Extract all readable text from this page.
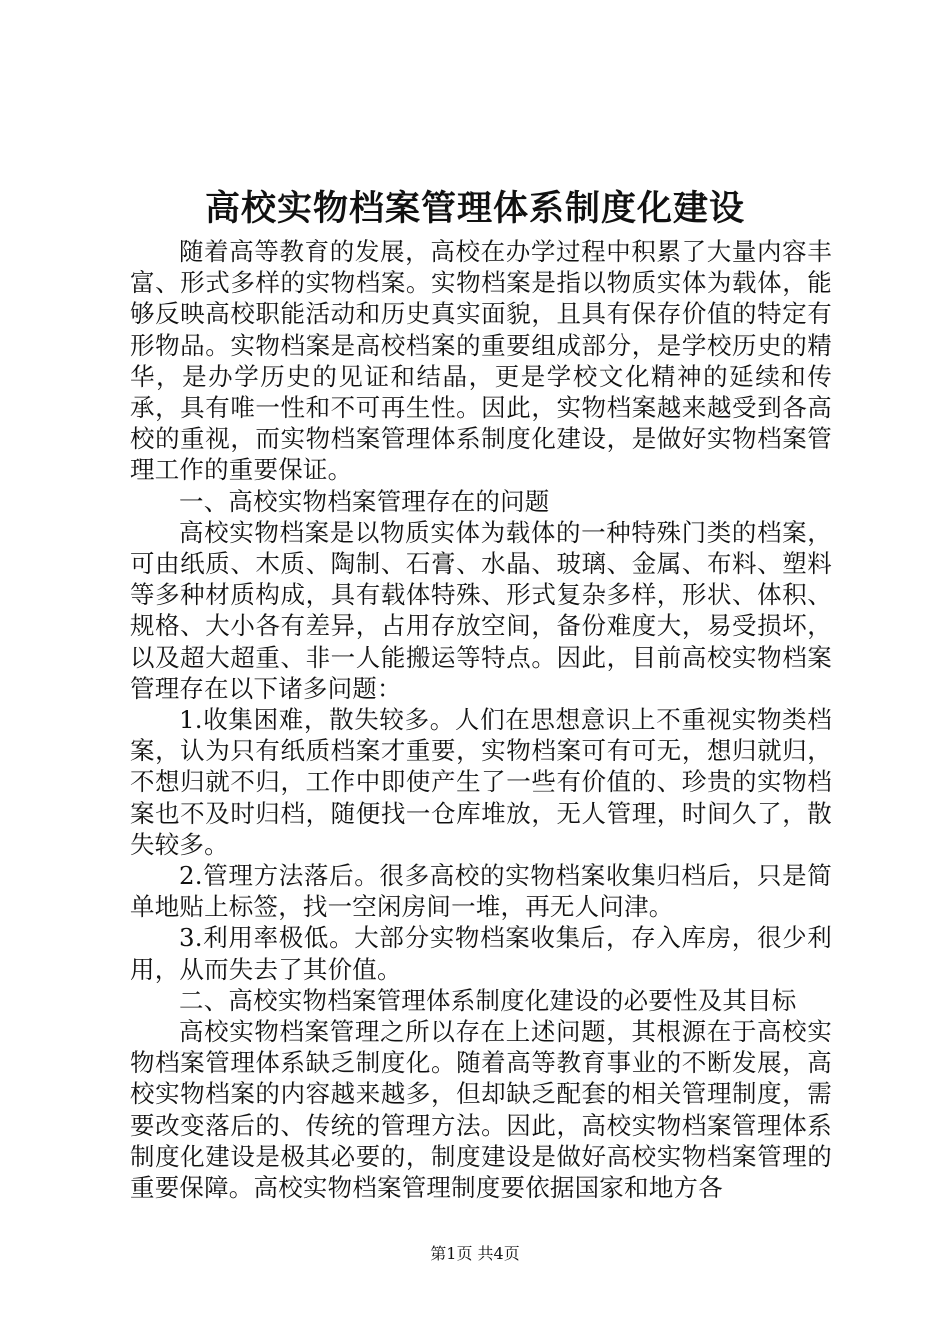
高校实物档案管理体系制度化建设

随着高等教育的发展，高校在办学过程中积累了大量内容丰富、形式多样的实物档案。实物档案是指以物质实体为载体，能够反映高校职能活动和历史真实面貌，且具有保存价值的特定有形物品。实物档案是高校档案的重要组成部分，是学校历史的精华，是办学历史的见证和结晶，更是学校文化精神的延续和传承，具有唯一性和不可再生性。因此，实物档案越来越受到各高校的重视，而实物档案管理体系制度化建设，是做好实物档案管理工作的重要保证。

一、高校实物档案管理存在的问题

高校实物档案是以物质实体为载体的一种特殊门类的档案，可由纸质、木质、陶制、石膏、水晶、玻璃、金属、布料、塑料等多种材质构成，具有载体特殊、形式复杂多样，形状、体积、规格、大小各有差异，占用存放空间，备份难度大，易受损坏，以及超大超重、非一人能搬运等特点。因此，目前高校实物档案管理存在以下诸多问题：

1.收集困难，散失较多。人们在思想意识上不重视实物类档案，认为只有纸质档案才重要，实物档案可有可无，想归就归，不想归就不归，工作中即使产生了一些有价值的、珍贵的实物档案也不及时归档，随便找一仓库堆放，无人管理，时间久了，散失较多。

2.管理方法落后。很多高校的实物档案收集归档后，只是简单地贴上标签，找一空闲房间一堆，再无人问津。

3.利用率极低。大部分实物档案收集后，存入库房，很少利用，从而失去了其价值。

二、高校实物档案管理体系制度化建设的必要性及其目标

高校实物档案管理之所以存在上述问题，其根源在于高校实物档案管理体系缺乏制度化。随着高等教育事业的不断发展，高校实物档案的内容越来越多，但却缺乏配套的相关管理制度，需要改变落后的、传统的管理方法。因此，高校实物档案管理体系制度化建设是极其必要的，制度建设是做好高校实物档案管理的重要保障。高校实物档案管理制度要依据国家和地方各

第1页 共4页
